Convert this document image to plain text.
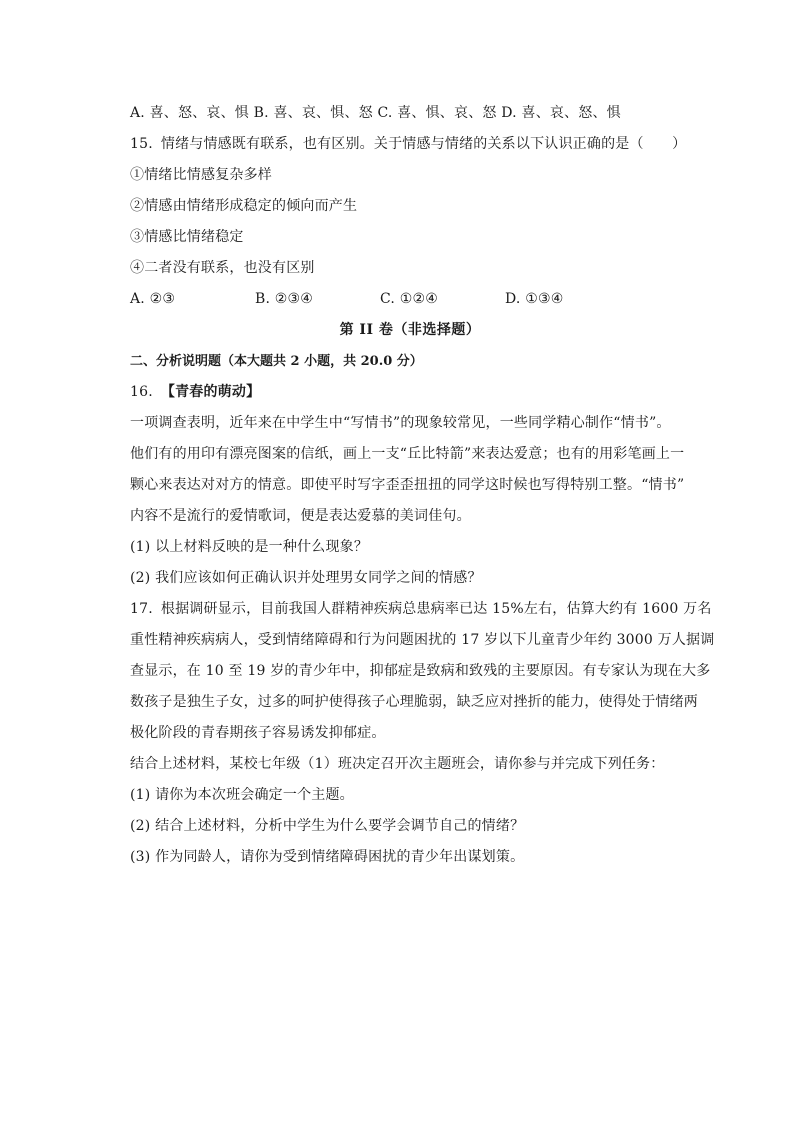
A. 喜、怒、哀、惧 B. 喜、哀、惧、怒 C. 喜、惧、哀、怒 D. 喜、哀、怒、惧
15. 情绪与情感既有联系，也有区别。关于情感与情绪的关系以下认识正确的是（　　）
①情绪比情感复杂多样
②情感由情绪形成稳定的倾向而产生
③情感比情绪稳定
④二者没有联系，也没有区别
A. ②③	B. ②③④	C. ①②④	D. ①③④
第 II 卷（非选择题）
二、分析说明题（本大题共 2 小题，共 20.0 分）
16. 【青春的萌动】
一项调查表明，近年来在中学生中“写情书”的现象较常见，一些同学精心制作“情书”。
他们有的用印有漂亮图案的信纸，画上一支“丘比特箭”来表达爱意；也有的用彩笔画上一
颗心来表达对对方的情意。即使平时写字歪歪扭扭的同学这时候也写得特别工整。“情书”
内容不是流行的爱情歌词，便是表达爱慕的美词佳句。
(1) 以上材料反映的是一种什么现象？
(2) 我们应该如何正确认识并处理男女同学之间的情感？
17. 根据调研显示，目前我国人群精神疾病总患病率已达 15%左右，估算大约有 1600 万名
重性精神疾病病人，受到情绪障碍和行为问题困扰的 17 岁以下儿童青少年约 3000 万人据调
查显示，在 10 至 19 岁的青少年中，抑郁症是致病和致残的主要原因。有专家认为现在大多
数孩子是独生子女，过多的呵护使得孩子心理脆弱，缺乏应对挫折的能力，使得处于情绪两
极化阶段的青春期孩子容易诱发抑郁症。
结合上述材料，某校七年级（1）班决定召开次主题班会，请你参与并完成下列任务：
(1) 请你为本次班会确定一个主题。
(2) 结合上述材料，分析中学生为什么要学会调节自己的情绪？
(3) 作为同龄人，请你为受到情绪障碍困扰的青少年出谋划策。
